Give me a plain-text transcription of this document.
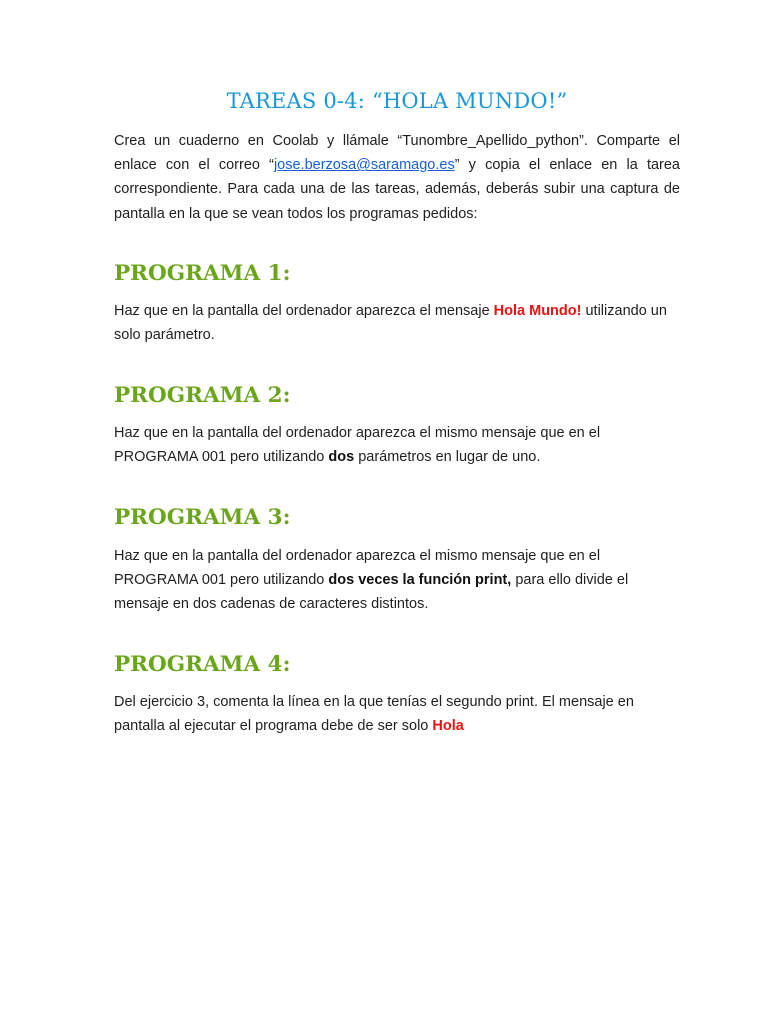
TAREAS 0-4: “HOLA MUNDO!”

Crea un cuaderno en Coolab y llámale “Tunombre_Apellido_python”. Comparte el enlace con el correo “jose.berzosa@saramago.es” y copia el enlace en la tarea correspondiente. Para cada una de las tareas, además, deberás subir una captura de pantalla en la que se vean todos los programas pedidos:

PROGRAMA 1:

Haz que en la pantalla del ordenador aparezca el mensaje Hola Mundo! utilizando un solo parámetro.

PROGRAMA 2:

Haz que en la pantalla del ordenador aparezca el mismo mensaje que en el PROGRAMA 001 pero utilizando dos parámetros en lugar de uno.

PROGRAMA 3:

Haz que en la pantalla del ordenador aparezca el mismo mensaje que en el PROGRAMA 001 pero utilizando dos veces la función print, para ello divide el mensaje en dos cadenas de caracteres distintos.

PROGRAMA 4:

Del ejercicio 3, comenta la línea en la que tenías el segundo print. El mensaje en pantalla al ejecutar el programa debe de ser solo Hola
